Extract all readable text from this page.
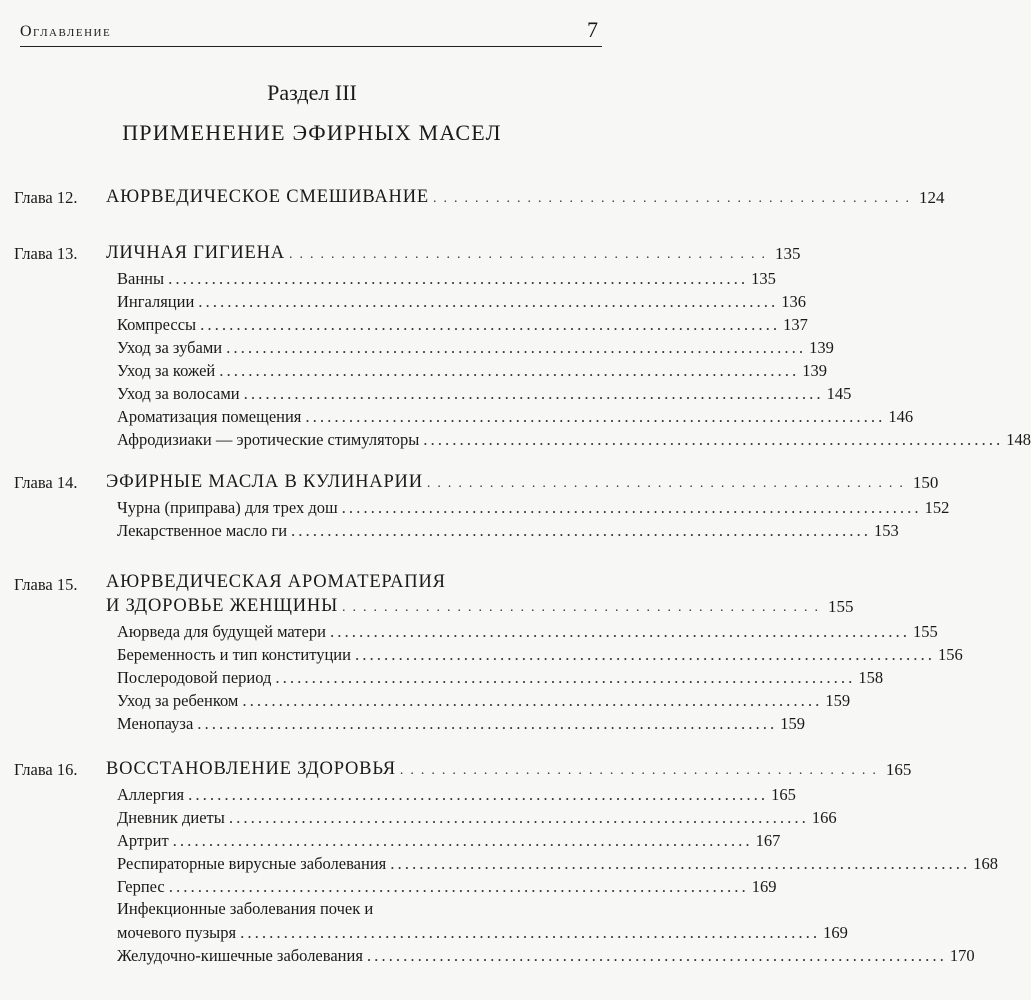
Оглавление	7
Раздел III
ПРИМЕНЕНИЕ ЭФИРНЫХ МАСЕЛ
Глава 12. АЮРВЕДИЧЕСКОЕ СМЕШИВАНИЕ .............................................. 124
Глава 13. ЛИЧНАЯ ГИГИЕНА .............................................. 135
Ванны ................................................................................ 135
Ингаляции ................................................................................ 136
Компрессы ................................................................................ 137
Уход за зубами ................................................................................ 139
Уход за кожей ................................................................................ 139
Уход за волосами ................................................................................ 145
Ароматизация помещения ................................................................................ 146
Афродизиаки — эротические стимуляторы ................................................................................ 148
Глава 14. ЭФИРНЫЕ МАСЛА В КУЛИНАРИИ .............................................. 150
Чурна (приправа) для трех дош ................................................................................ 152
Лекарственное масло ги ................................................................................ 153
Глава 15. АЮРВЕДИЧЕСКАЯ АРОМАТЕРАПИЯ
И ЗДОРОВЬЕ ЖЕНЩИНЫ .............................................. 155
Аюрведа для будущей матери ................................................................................ 155
Беременность и тип конституции ................................................................................ 156
Послеродовой период ................................................................................ 158
Уход за ребенком ................................................................................ 159
Менопауза ................................................................................ 159
Глава 16. ВОССТАНОВЛЕНИЕ ЗДОРОВЬЯ .............................................. 165
Аллергия ................................................................................ 165
Дневник диеты ................................................................................ 166
Артрит ................................................................................ 167
Респираторные вирусные заболевания ................................................................................ 168
Герпес ................................................................................ 169
Инфекционные заболевания почек и
мочевого пузыря ................................................................................ 169
Желудочно-кишечные заболевания ................................................................................ 170
